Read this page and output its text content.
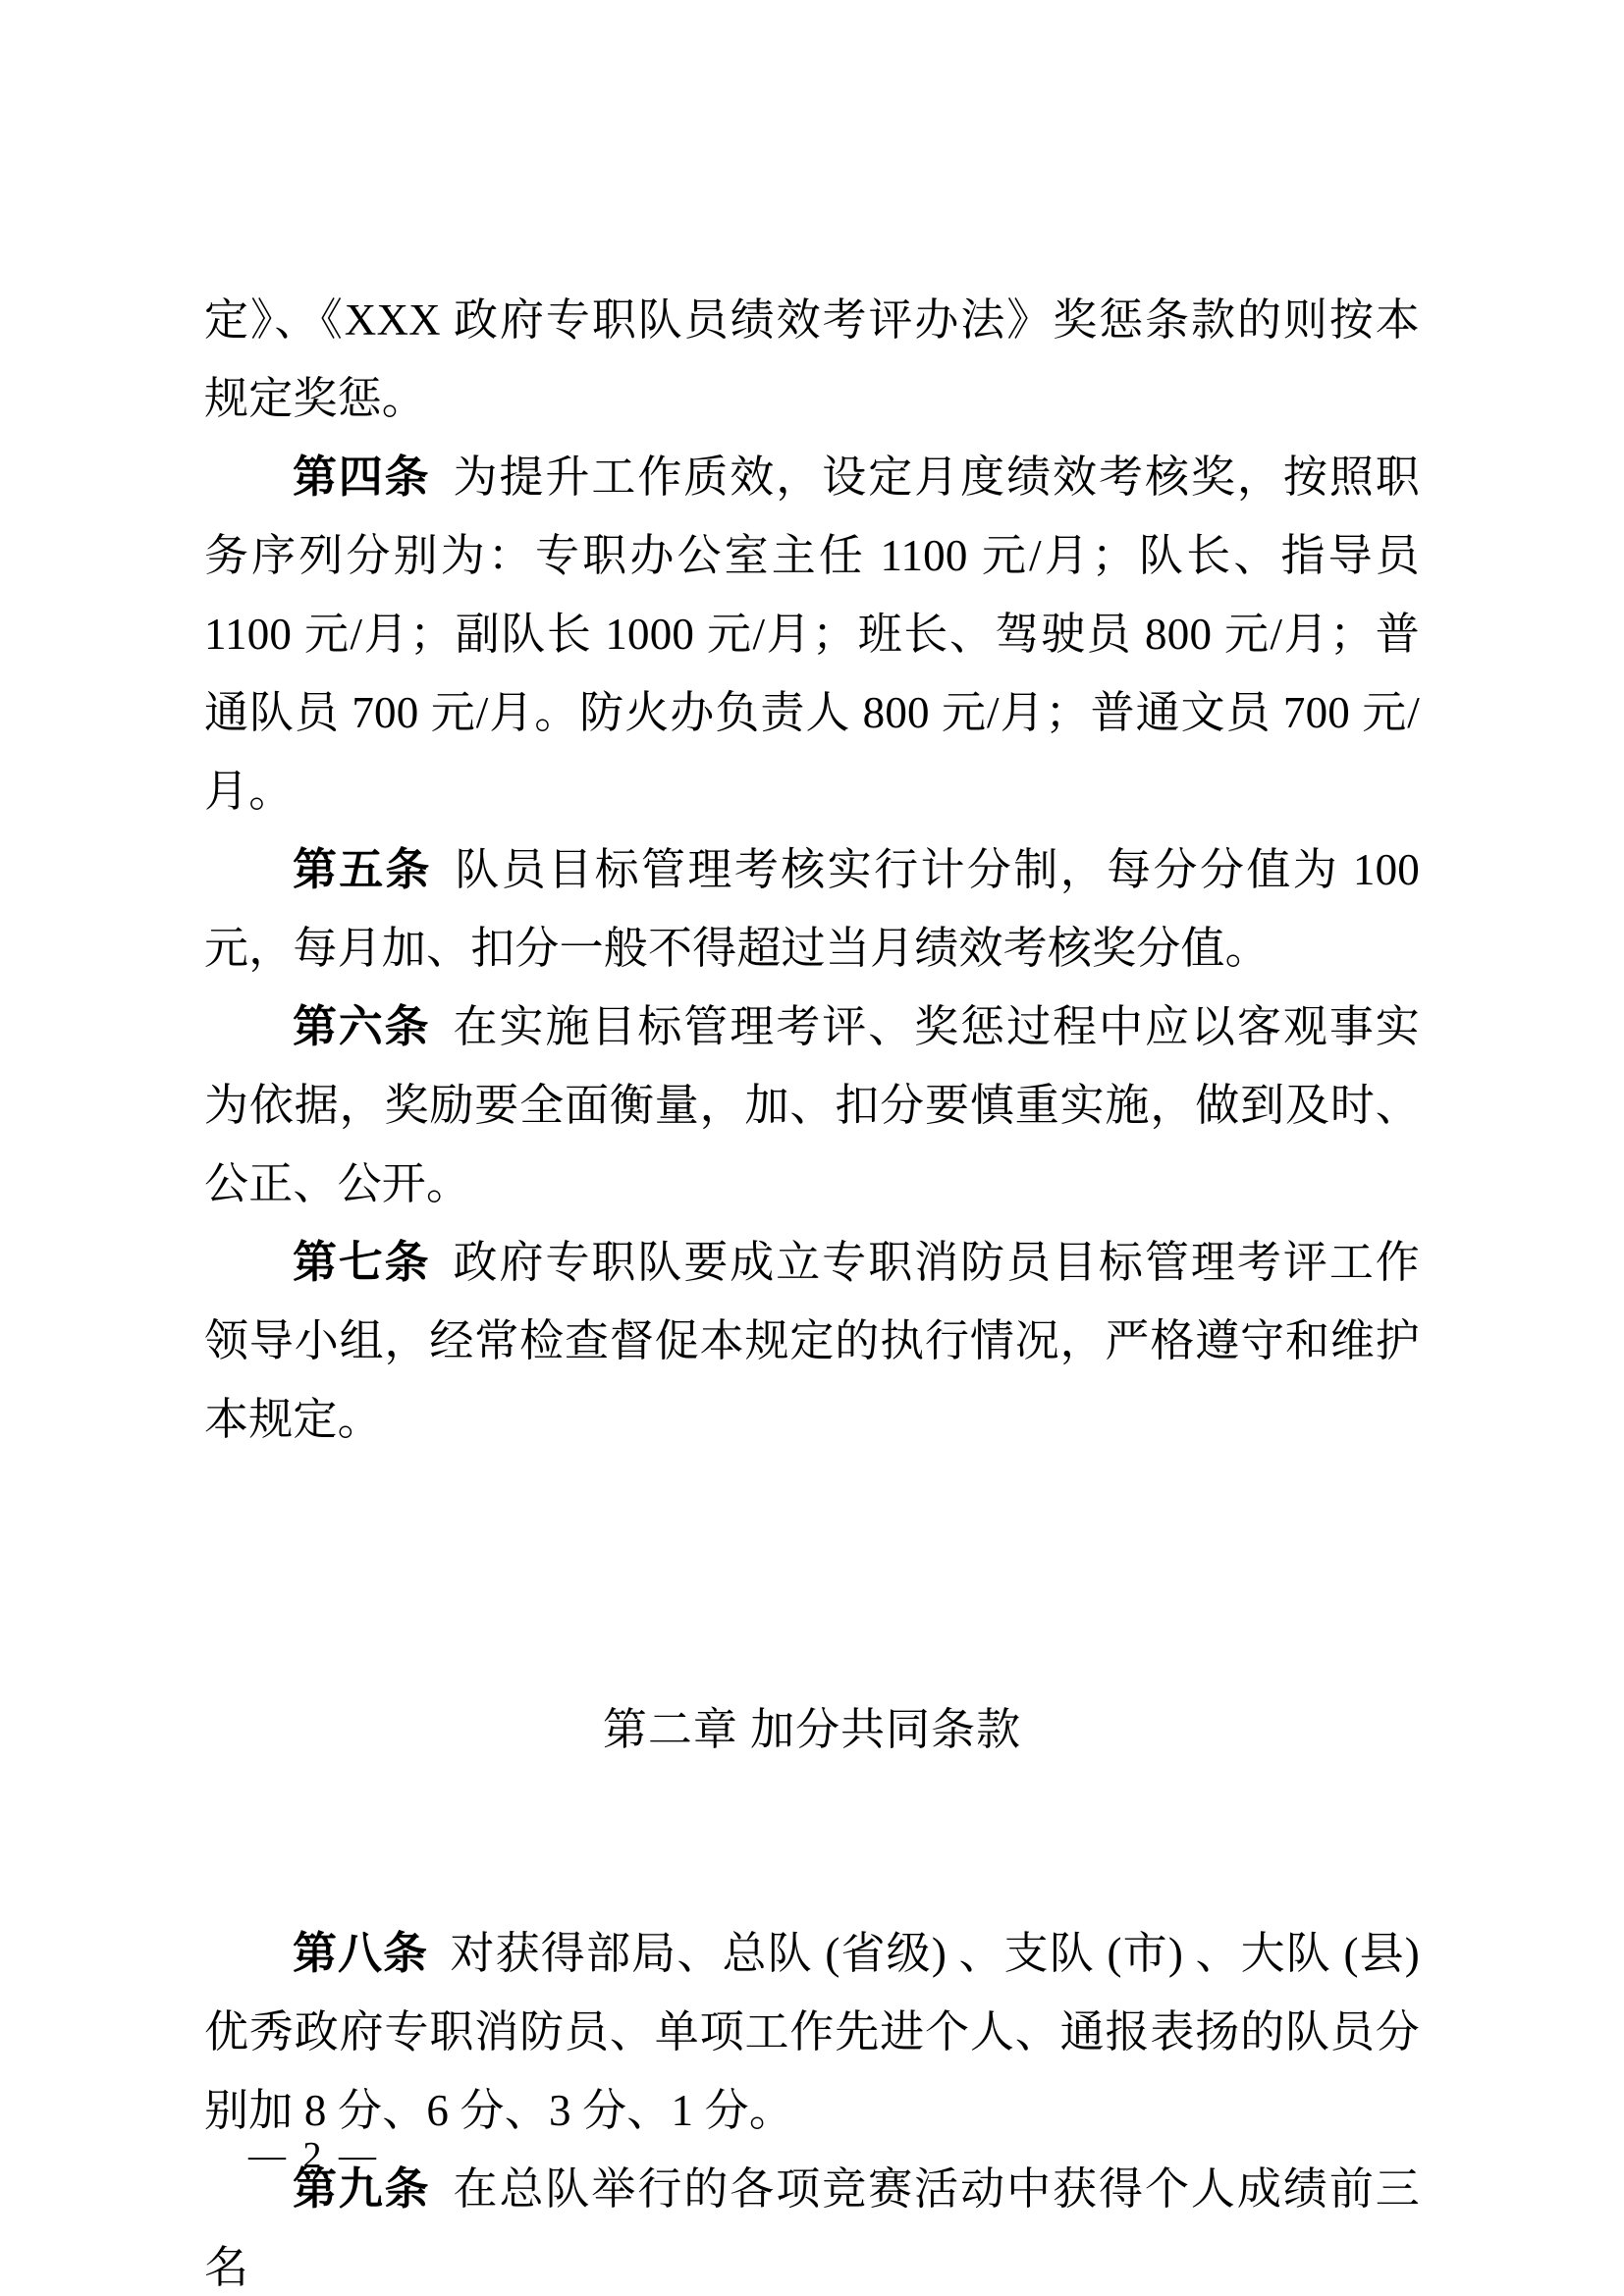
定》、《XXX 政府专职队员绩效考评办法》奖惩条款的则按本规定奖惩。

第四条 为提升工作质效，设定月度绩效考核奖，按照职务序列分别为：专职办公室主任 1100 元/月；队长、指导员 1100 元/月；副队长 1000 元/月；班长、驾驶员 800 元/月；普通队员 700 元/月。防火办负责人 800 元/月；普通文员 700 元/月。

第五条 队员目标管理考核实行计分制，每分分值为 100 元，每月加、扣分一般不得超过当月绩效考核奖分值。

第六条 在实施目标管理考评、奖惩过程中应以客观事实为依据，奖励要全面衡量，加、扣分要慎重实施，做到及时、公正、公开。

第七条 政府专职队要成立专职消防员目标管理考评工作领导小组，经常检查督促本规定的执行情况，严格遵守和维护本规定。

第二章 加分共同条款

第八条 对获得部局、总队 (省级) 、支队 (市) 、大队 (县) 优秀政府专职消防员、单项工作先进个人、通报表扬的队员分别加 8 分、6 分、3 分、1 分。

第九条 在总队举行的各项竞赛活动中获得个人成绩前三名

— 2 —
